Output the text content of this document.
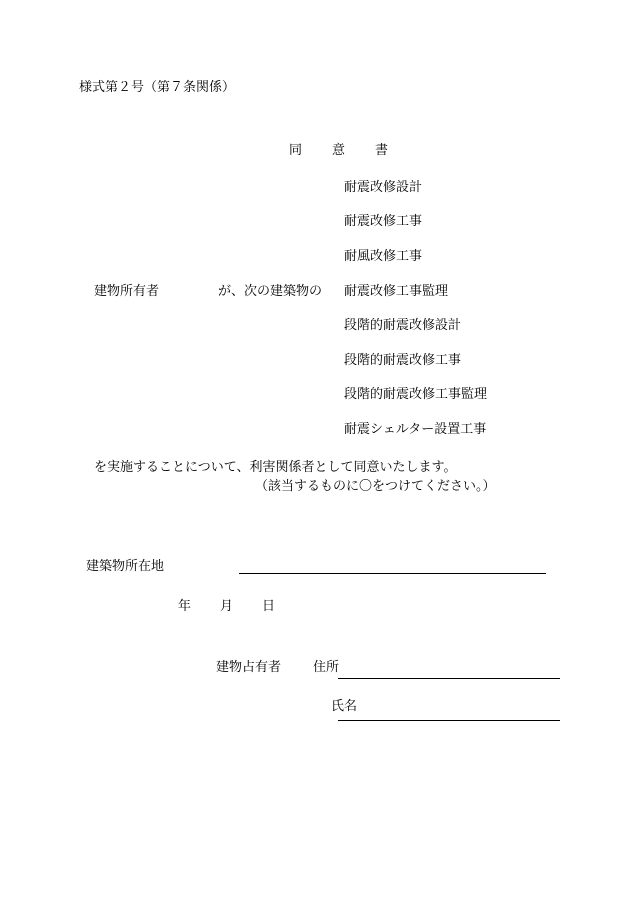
様式第２号（第７条関係）
同 意 書
耐震改修設計
耐震改修工事
耐風改修工事
耐震改修工事監理
段階的耐震改修設計
段階的耐震改修工事
段階的耐震改修工事監理
耐震シェルター設置工事
建物所有者	が、次の建築物の
を実施することについて、利害関係者として同意いたします。
（該当するものに〇をつけてください。）
建築物所在地
年 月 日
建物占有者 住所
氏名
